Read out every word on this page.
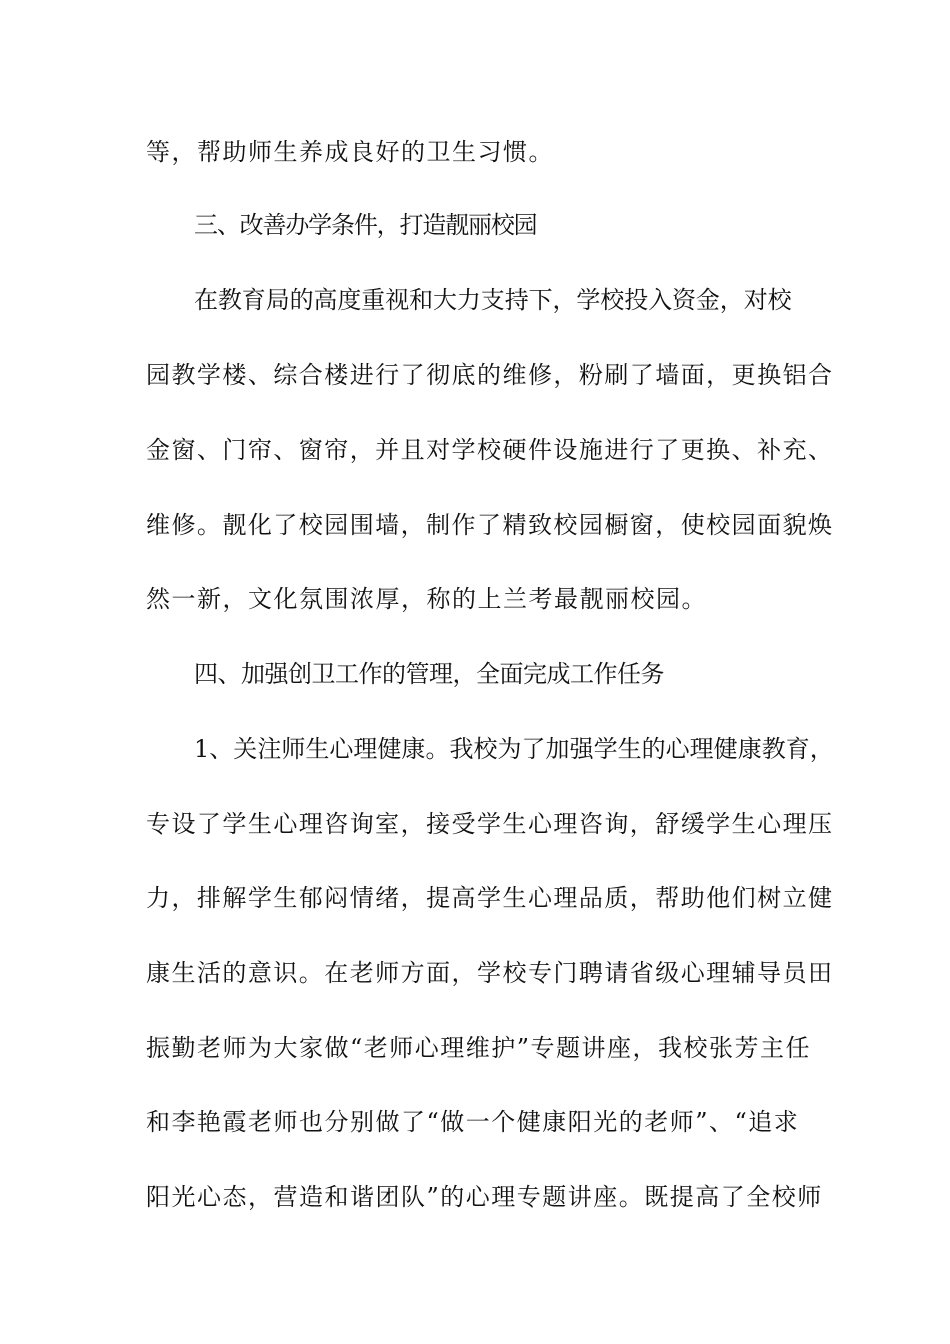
等，帮助师生养成良好的卫生习惯。
三、改善办学条件，打造靓丽校园
在教育局的高度重视和大力支持下，学校投入资金，对校
园教学楼、综合楼进行了彻底的维修，粉刷了墙面，更换铝合
金窗、门帘、窗帘，并且对学校硬件设施进行了更换、补充、
维修。靓化了校园围墙，制作了精致校园橱窗，使校园面貌焕
然一新，文化氛围浓厚，称的上兰考最靓丽校园。
四、加强创卫工作的管理，全面完成工作任务
1、关注师生心理健康。我校为了加强学生的心理健康教育，
专设了学生心理咨询室，接受学生心理咨询，舒缓学生心理压
力，排解学生郁闷情绪，提高学生心理品质，帮助他们树立健
康生活的意识。在老师方面，学校专门聘请省级心理辅导员田
振勤老师为大家做“老师心理维护”专题讲座，我校张芳主任
和李艳霞老师也分别做了“做一个健康阳光的老师”、“追求
阳光心态，营造和谐团队”的心理专题讲座。既提高了全校师
